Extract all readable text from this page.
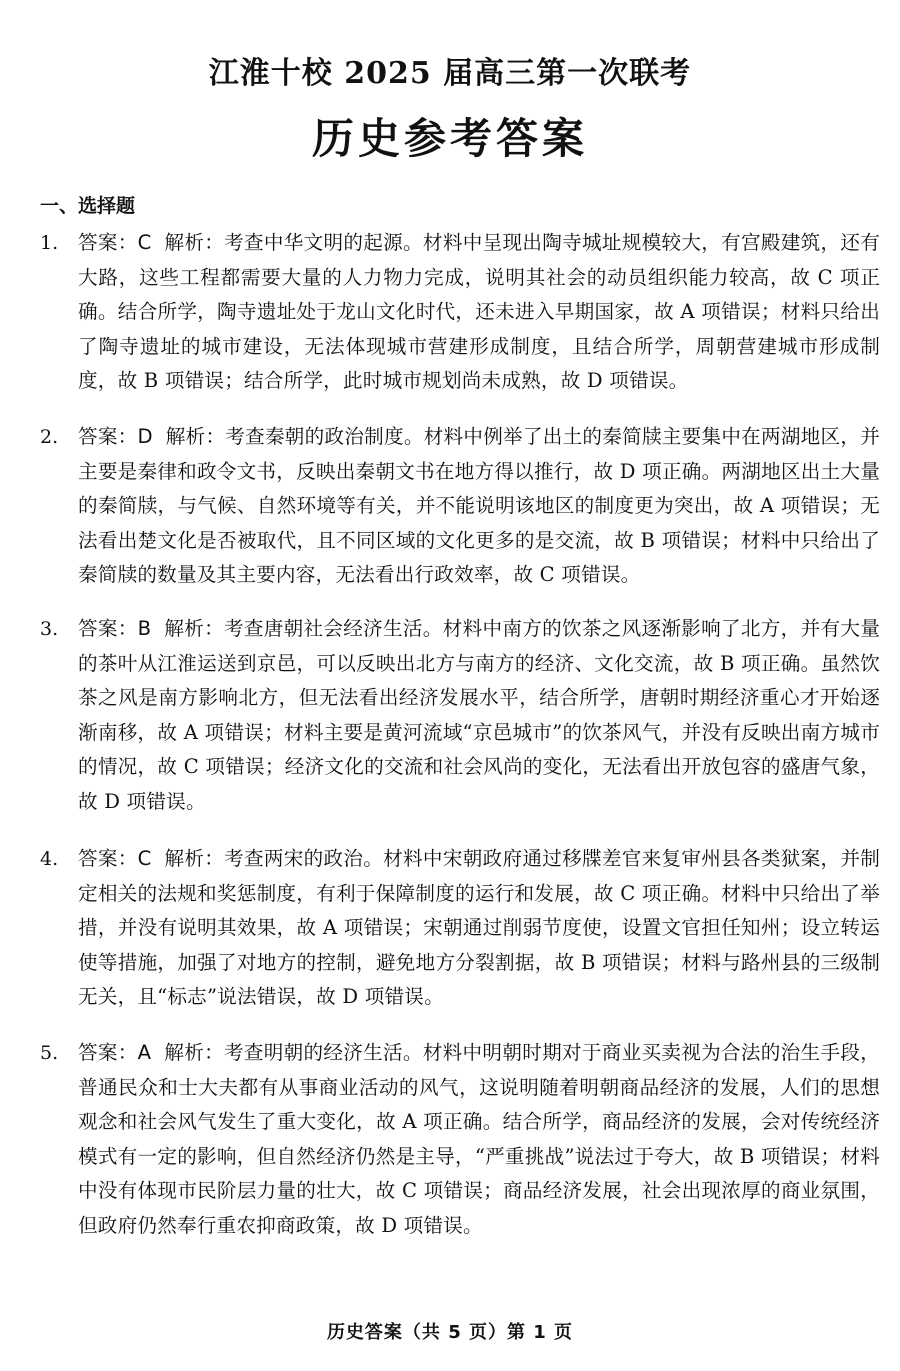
江淮十校 2025 届高三第一次联考
历史参考答案
一、选择题
1. 答案：C 解析：考查中华文明的起源。材料中呈现出陶寺城址规模较大，有宫殿建筑，还有大路，这些工程都需要大量的人力物力完成，说明其社会的动员组织能力较高，故 C 项正确。结合所学，陶寺遗址处于龙山文化时代，还未进入早期国家，故 A 项错误；材料只给出了陶寺遗址的城市建设，无法体现城市营建形成制度，且结合所学，周朝营建城市形成制度，故 B 项错误；结合所学，此时城市规划尚未成熟，故 D 项错误。
2. 答案：D 解析：考查秦朝的政治制度。材料中例举了出土的秦简牍主要集中在两湖地区，并主要是秦律和政令文书，反映出秦朝文书在地方得以推行，故 D 项正确。两湖地区出土大量的秦简牍，与气候、自然环境等有关，并不能说明该地区的制度更为突出，故 A 项错误；无法看出楚文化是否被取代，且不同区域的文化更多的是交流，故 B 项错误；材料中只给出了秦简牍的数量及其主要内容，无法看出行政效率，故 C 项错误。
3. 答案：B 解析：考查唐朝社会经济生活。材料中南方的饮茶之风逐渐影响了北方，并有大量的茶叶从江淮运送到京邑，可以反映出北方与南方的经济、文化交流，故 B 项正确。虽然饮茶之风是南方影响北方，但无法看出经济发展水平，结合所学，唐朝时期经济重心才开始逐渐南移，故 A 项错误；材料主要是黄河流域“京邑城市”的饮茶风气，并没有反映出南方城市的情况，故 C 项错误；经济文化的交流和社会风尚的变化，无法看出开放包容的盛唐气象，故 D 项错误。
4. 答案：C 解析：考查两宋的政治。材料中宋朝政府通过移牒差官来复审州县各类狱案，并制定相关的法规和奖惩制度，有利于保障制度的运行和发展，故 C 项正确。材料中只给出了举措，并没有说明其效果，故 A 项错误；宋朝通过削弱节度使，设置文官担任知州；设立转运使等措施，加强了对地方的控制，避免地方分裂割据，故 B 项错误；材料与路州县的三级制无关，且“标志”说法错误，故 D 项错误。
5. 答案：A 解析：考查明朝的经济生活。材料中明朝时期对于商业买卖视为合法的治生手段，普通民众和士大夫都有从事商业活动的风气，这说明随着明朝商品经济的发展，人们的思想观念和社会风气发生了重大变化，故 A 项正确。结合所学，商品经济的发展，会对传统经济模式有一定的影响，但自然经济仍然是主导，“严重挑战”说法过于夸大，故 B 项错误；材料中没有体现市民阶层力量的壮大，故 C 项错误；商品经济发展，社会出现浓厚的商业氛围，但政府仍然奉行重农抑商政策，故 D 项错误。
历史答案（共 5 页）第 1 页
